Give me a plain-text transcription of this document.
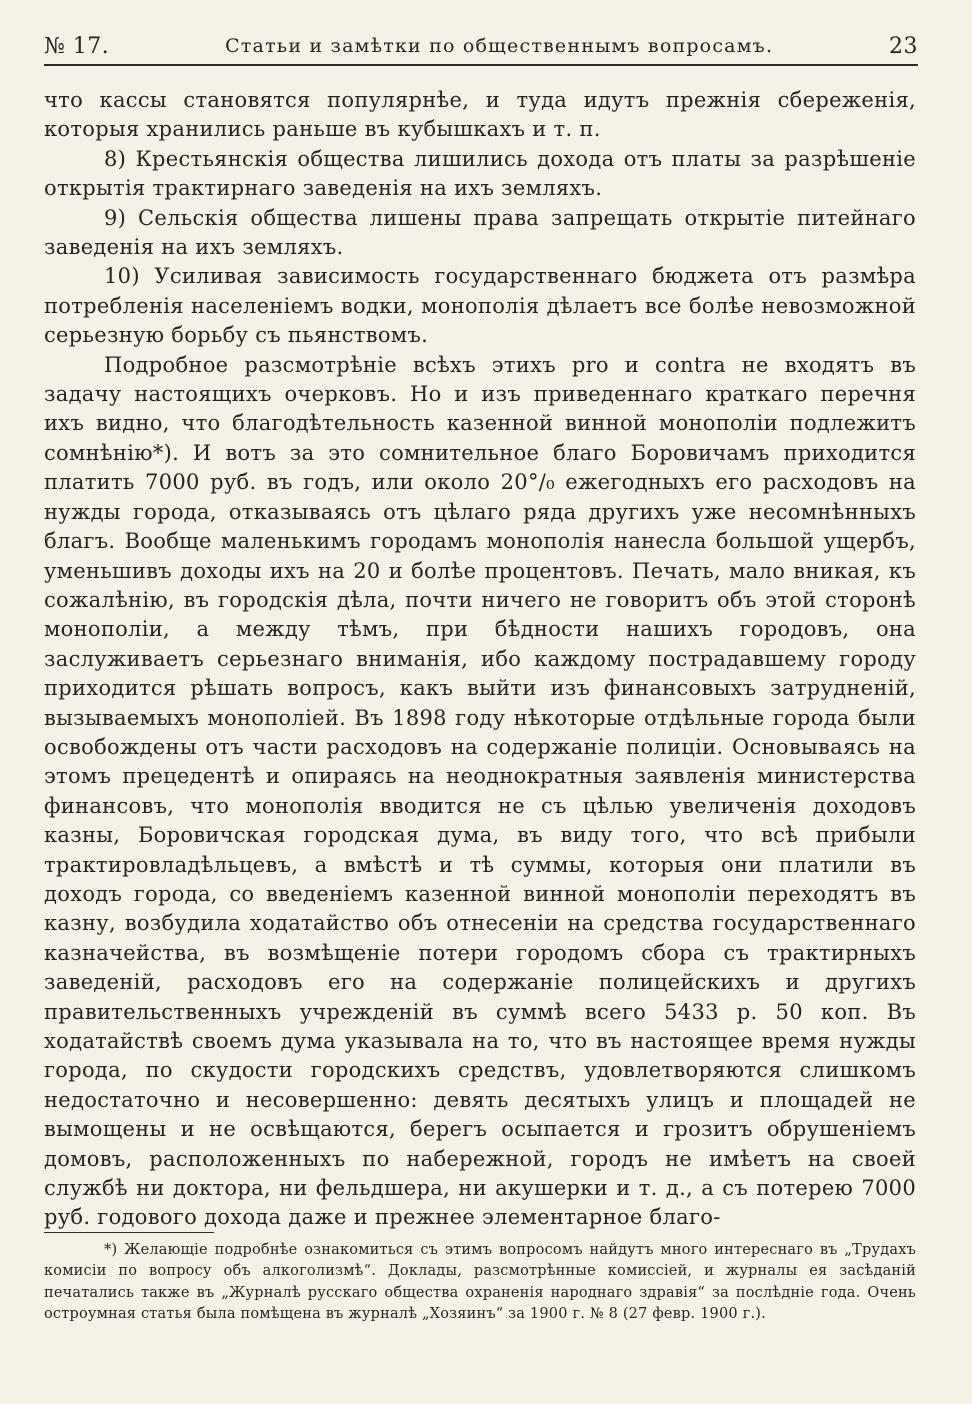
№ 17.	Статьи и замѣтки по общественнымъ вопросамъ.	23

что кассы становятся популярнѣе, и туда идутъ прежнія сбереженія, которыя хранились раньше въ кубышкахъ и т. п.

8) Крестьянскія общества лишились дохода отъ платы за разрѣшеніе открытія трактирнаго заведенія на ихъ земляхъ.

9) Сельскія общества лишены права запрещать открытіе питейнаго заведенія на ихъ земляхъ.

10) Усиливая зависимость государственнаго бюджета отъ размѣра потребленія населеніемъ водки, монополія дѣлаетъ все болѣе невозможной серьезную борьбу съ пьянствомъ.

Подробное разсмотрѣніе всѣхъ этихъ pro и contra не входятъ въ задачу настоящихъ очерковъ. Но и изъ приведеннаго краткаго перечня ихъ видно, что благодѣтельность казенной винной монополіи подлежитъ сомнѣнію*). И вотъ за это сомнительное благо Боровичамъ приходится платить 7000 руб. въ годъ, или около 20°/₀ ежегодныхъ его расходовъ на нужды города, отказываясь отъ цѣлаго ряда другихъ уже несомнѣнныхъ благъ. Вообще маленькимъ городамъ монополія нанесла большой ущербъ, уменьшивъ доходы ихъ на 20 и болѣе процентовъ. Печать, мало вникая, къ сожалѣнію, въ городскія дѣла, почти ничего не говоритъ объ этой сторонѣ монополіи, а между тѣмъ, при бѣдности нашихъ городовъ, она заслуживаетъ серьезнаго вниманія, ибо каждому пострадавшему городу приходится рѣшать вопросъ, какъ выйти изъ финансовыхъ затрудненій, вызываемыхъ монополіей. Въ 1898 году нѣкоторые отдѣльные города были освобождены отъ части расходовъ на содержаніе полиціи. Основываясь на этомъ прецедентѣ и опираясь на неоднократныя заявленія министерства финансовъ, что монополія вводится не съ цѣлью увеличенія доходовъ казны, Боровичская городская дума, въ виду того, что всѣ прибыли трактировладѣльцевъ, а вмѣстѣ и тѣ суммы, которыя они платили въ доходъ города, со введеніемъ казенной винной монополіи переходятъ въ казну, возбудила ходатайство объ отнесеніи на средства государственнаго казначейства, въ возмѣщеніе потери городомъ сбора съ трактирныхъ заведеній, расходовъ его на содержаніе полицейскихъ и другихъ правительственныхъ учрежденій въ суммѣ всего 5433 р. 50 коп. Въ ходатайствѣ своемъ дума указывала на то, что въ настоящее время нужды города, по скудости городскихъ средствъ, удовлетворяются слишкомъ недостаточно и несовершенно: девять десятыхъ улицъ и площадей не вымощены и не освѣщаются, берегъ осыпается и грозитъ обрушеніемъ домовъ, расположенныхъ по набережной, городъ не имѣетъ на своей службѣ ни доктора, ни фельдшера, ни акушерки и т. д., а съ потерею 7000 руб. годового дохода даже и прежнее элементарное благо-

*) Желающіе подробнѣе ознакомиться съ этимъ вопросомъ найдутъ много интереснаго въ „Трудахъ комисіи по вопросу объ алкоголизмѣ“. Доклады, разсмотрѣнные комиссіей, и журналы ея засѣданій печатались также въ „Журналѣ русскаго общества охраненія народнаго здравія“ за послѣдніе года. Очень остроумная статья была помѣщена въ журналѣ „Хозяинъ“ за 1900 г. № 8 (27 февр. 1900 г.).
